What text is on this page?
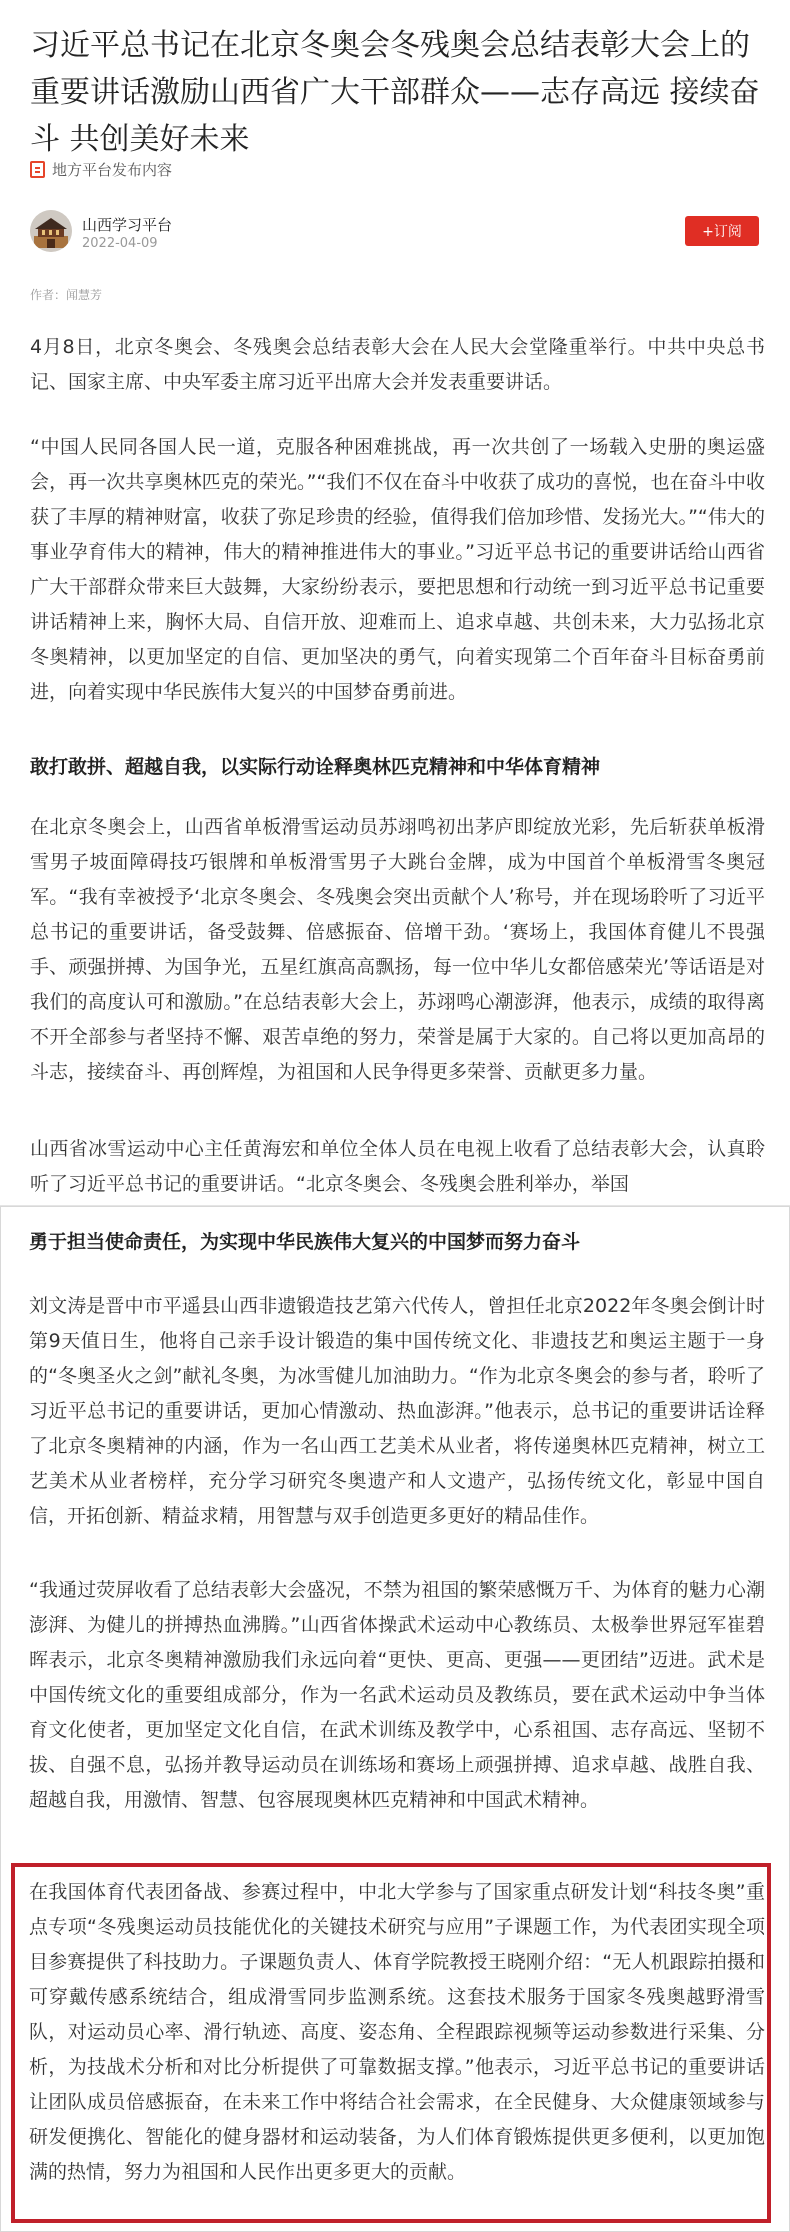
习近平总书记在北京冬奥会冬残奥会总结表彰大会上的重要讲话激励山西省广大干部群众——志存高远 接续奋斗 共创美好未来
地方平台发布内容
山西学习平台
2022-04-09
+订阅
作者：闻慧芳

4月8日，北京冬奥会、冬残奥会总结表彰大会在人民大会堂隆重举行。中共中央总书记、国家主席、中央军委主席习近平出席大会并发表重要讲话。

“中国人民同各国人民一道，克服各种困难挑战，再一次共创了一场载入史册的奥运盛会，再一次共享奥林匹克的荣光。”“我们不仅在奋斗中收获了成功的喜悦，也在奋斗中收获了丰厚的精神财富，收获了弥足珍贵的经验，值得我们倍加珍惜、发扬光大。”“伟大的事业孕育伟大的精神，伟大的精神推进伟大的事业。”习近平总书记的重要讲话给山西省广大干部群众带来巨大鼓舞，大家纷纷表示，要把思想和行动统一到习近平总书记重要讲话精神上来，胸怀大局、自信开放、迎难而上、追求卓越、共创未来，大力弘扬北京冬奥精神，以更加坚定的自信、更加坚决的勇气，向着实现第二个百年奋斗目标奋勇前进，向着实现中华民族伟大复兴的中国梦奋勇前进。

敢打敢拼、超越自我，以实际行动诠释奥林匹克精神和中华体育精神

在北京冬奥会上，山西省单板滑雪运动员苏翊鸣初出茅庐即绽放光彩，先后斩获单板滑雪男子坡面障碍技巧银牌和单板滑雪男子大跳台金牌，成为中国首个单板滑雪冬奥冠军。“我有幸被授予‘北京冬奥会、冬残奥会突出贡献个人’称号，并在现场聆听了习近平总书记的重要讲话，备受鼓舞、倍感振奋、倍增干劲。‘赛场上，我国体育健儿不畏强手、顽强拼搏、为国争光，五星红旗高高飘扬，每一位中华儿女都倍感荣光’等话语是对我们的高度认可和激励。”在总结表彰大会上，苏翊鸣心潮澎湃，他表示，成绩的取得离不开全部参与者坚持不懈、艰苦卓绝的努力，荣誉是属于大家的。自己将以更加高昂的斗志，接续奋斗、再创辉煌，为祖国和人民争得更多荣誉、贡献更多力量。

山西省冰雪运动中心主任黄海宏和单位全体人员在电视上收看了总结表彰大会，认真聆听了习近平总书记的重要讲话。“北京冬奥会、冬残奥会胜利举办，举国

勇于担当使命责任，为实现中华民族伟大复兴的中国梦而努力奋斗

刘文涛是晋中市平遥县山西非遗锻造技艺第六代传人，曾担任北京2022年冬奥会倒计时第9天值日生，他将自己亲手设计锻造的集中国传统文化、非遗技艺和奥运主题于一身的“冬奥圣火之剑”献礼冬奥，为冰雪健儿加油助力。“作为北京冬奥会的参与者，聆听了习近平总书记的重要讲话，更加心情激动、热血澎湃。”他表示，总书记的重要讲话诠释了北京冬奥精神的内涵，作为一名山西工艺美术从业者，将传递奥林匹克精神，树立工艺美术从业者榜样，充分学习研究冬奥遗产和人文遗产，弘扬传统文化，彰显中国自信，开拓创新、精益求精，用智慧与双手创造更多更好的精品佳作。

“我通过荧屏收看了总结表彰大会盛况，不禁为祖国的繁荣感慨万千、为体育的魅力心潮澎湃、为健儿的拼搏热血沸腾。”山西省体操武术运动中心教练员、太极拳世界冠军崔碧晖表示，北京冬奥精神激励我们永远向着“更快、更高、更强——更团结”迈进。武术是中国传统文化的重要组成部分，作为一名武术运动员及教练员，要在武术运动中争当体育文化使者，更加坚定文化自信，在武术训练及教学中，心系祖国、志存高远、坚韧不拔、自强不息，弘扬并教导运动员在训练场和赛场上顽强拼搏、追求卓越、战胜自我、超越自我，用激情、智慧、包容展现奥林匹克精神和中国武术精神。

在我国体育代表团备战、参赛过程中，中北大学参与了国家重点研发计划“科技冬奥”重点专项“冬残奥运动员技能优化的关键技术研究与应用”子课题工作，为代表团实现全项目参赛提供了科技助力。子课题负责人、体育学院教授王晓刚介绍：“无人机跟踪拍摄和可穿戴传感系统结合，组成滑雪同步监测系统。这套技术服务于国家冬残奥越野滑雪队，对运动员心率、滑行轨迹、高度、姿态角、全程跟踪视频等运动参数进行采集、分析，为技战术分析和对比分析提供了可靠数据支撑。”他表示，习近平总书记的重要讲话让团队成员倍感振奋，在未来工作中将结合社会需求，在全民健身、大众健康领域参与研发便携化、智能化的健身器材和运动装备，为人们体育锻炼提供更多便利，以更加饱满的热情，努力为祖国和人民作出更多更大的贡献。
